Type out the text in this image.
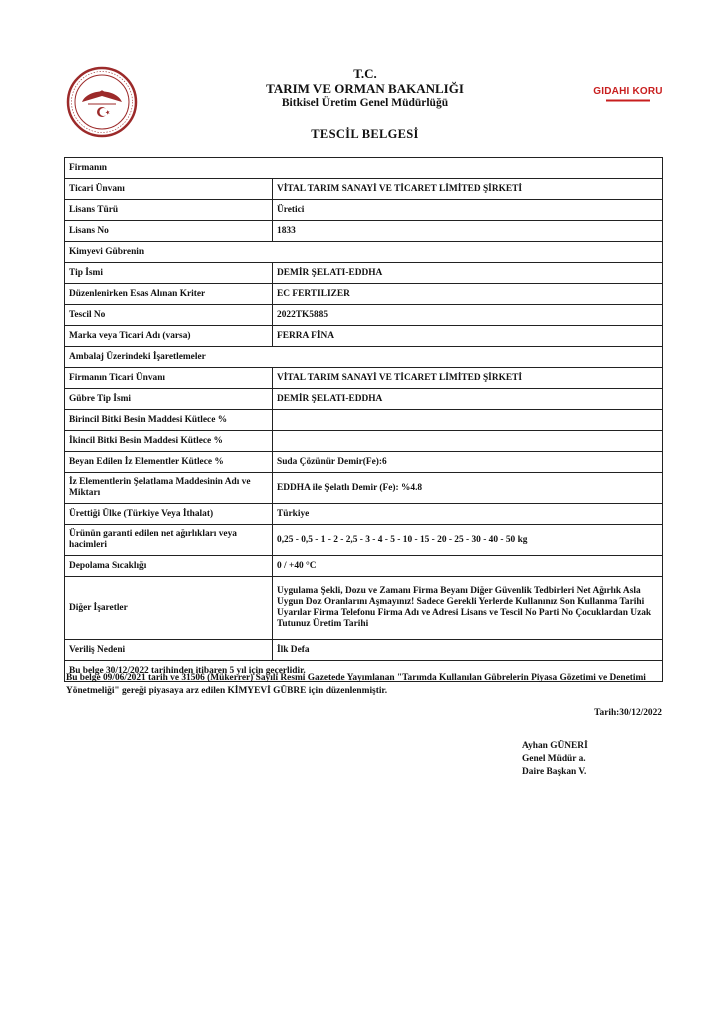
GIDAHI KORU
T.C.
TARIM VE ORMAN BAKANLIĞI
Bitkisel Üretim Genel Müdürlüğü
TESCİL BELGESİ
Firmanın	
Ticari Ünvanı	VİTAL TARIM SANAYİ VE TİCARET LİMİTED ŞİRKETİ
Lisans Türü	Üretici
Lisans No	1833
Kimyevi Gübrenin	
Tip İsmi	DEMİR ŞELATI-EDDHA
Düzenlenirken Esas Alınan Kriter	EC FERTILIZER
Tescil No	2022TK5885
Marka veya Ticari Adı (varsa)	FERRA FİNA
Ambalaj Üzerindeki İşaretlemeler	
Firmanın Ticari Ünvanı	VİTAL TARIM SANAYİ VE TİCARET LİMİTED ŞİRKETİ
Gübre Tip İsmi	DEMİR ŞELATI-EDDHA
Birincil Bitki Besin Maddesi Kütlece %	
İkincil Bitki Besin Maddesi Kütlece %	
Beyan Edilen İz Elementler Kütlece %	Suda Çözünür Demir(Fe):6
İz Elementlerin Şelatlama Maddesinin Adı ve Miktarı	EDDHA ile Şelatlı Demir (Fe): %4.8
Ürettiği Ülke (Türkiye Veya İthalat)	Türkiye
Ürünün garanti edilen net ağırlıkları veya hacimleri	0,25 - 0,5 - 1 - 2 - 2,5 - 3 - 4 - 5 - 10 - 15 - 20 - 25 - 30 - 40 - 50 kg
Depolama Sıcaklığı	0 / +40 °C
Diğer İşaretler	Uygulama Şekli, Dozu ve Zamanı Firma Beyanı Diğer Güvenlik Tedbirleri Net Ağırlık Asla Uygun Doz Oranlarını Aşmayınız! Sadece Gerekli Yerlerde Kullanınız Son Kullanma Tarihi Uyarılar Firma Telefonu Firma Adı ve Adresi Lisans ve Tescil No Parti No Çocuklardan Uzak Tutunuz Üretim Tarihi
Veriliş Nedeni	İlk Defa
Bu belge 30/12/2022 tarihinden itibaren 5 yıl için geçerlidir.	
Bu belge 09/06/2021 tarih ve 31506 (Mükerrer) Sayılı Resmi Gazetede Yayımlanan "Tarımda Kullanılan Gübrelerin Piyasa Gözetimi ve Denetimi Yönetmeliği" gereği piyasaya arz edilen KİMYEVİ GÜBRE için düzenlenmiştir.
Tarih:30/12/2022
Ayhan GÜNERİ
Genel Müdür a.
Daire Başkan V.
